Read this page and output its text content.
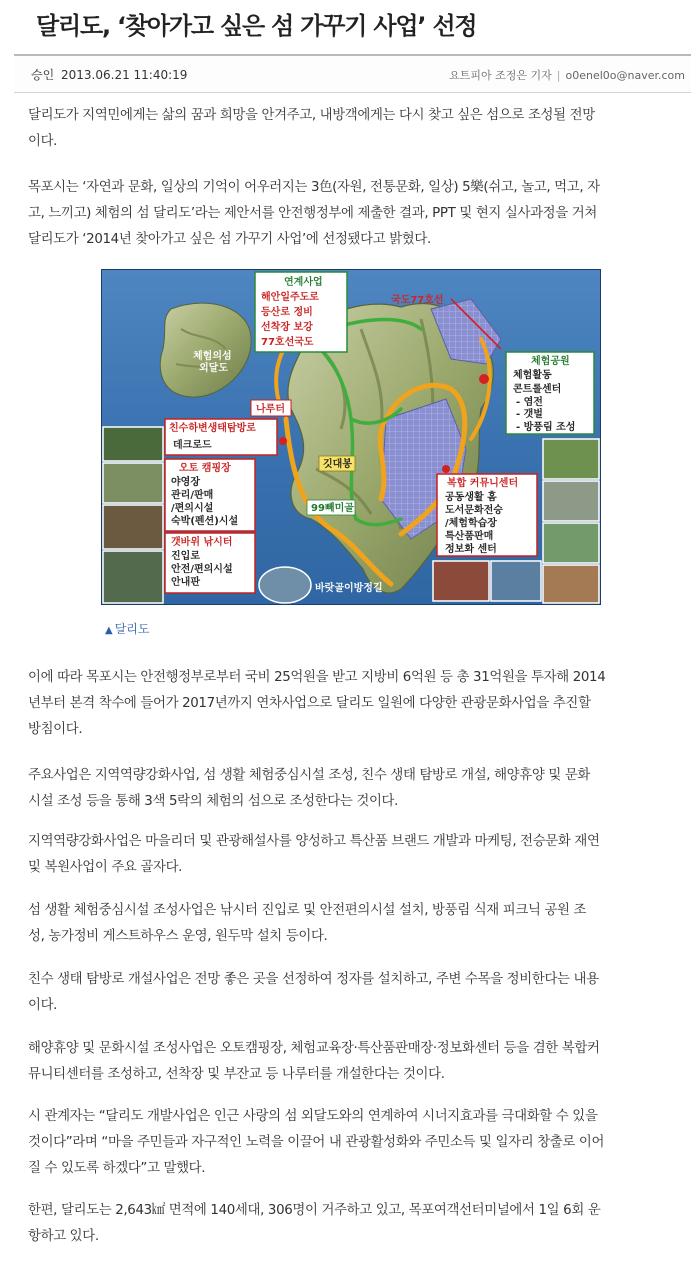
달리도, ‘찾아가고 싶은 섬 가꾸기 사업’ 선정
승인 2013.06.21 11:40:19	요트피아 조정은 기자 | o0enel0o@naver.com

달리도가 지역민에게는 삶의 꿈과 희망을 안겨주고, 내방객에게는 다시 찾고 싶은 섬으로 조성될 전망
이다.

목포시는 ‘자연과 문화, 일상의 기억이 어우러지는 3色(자원, 전통문화, 일상) 5樂(쉬고, 놀고, 먹고, 자
고, 느끼고) 체험의 섬 달리도’라는 제안서를 안전행정부에 제출한 결과, PPT 및 현지 실사과정을 거쳐
달리도가 ‘2014년 찾아가고 싶은 섬 가꾸기 사업’에 선정됐다고 밝혔다.

체험의섬
외달도
연계사업
해안일주도로
등산로 정비
선착장 보강
77호선국도
국도77호선
체험공원
체험활동
콘트롤센터
- 염전
- 갯벌
- 방풍림 조성
나루터
친수하변생태탐방로
데크로드
오토 캠핑장
야영장
관리/판매
/편의시설
숙박(펜션)시설
갯바위 낚시터
진입로
안전/편의시설
안내판
깃대봉
99빼미골
복합 커뮤니센터
공동생활 홈
도서문화전승
/체험학습장
특산품판매
정보화 센터
바랏골이방정길

▲ 달리도

이에 따라 목포시는 안전행정부로부터 국비 25억원을 받고 지방비 6억원 등 총 31억원을 투자해 2014
년부터 본격 착수에 들어가 2017년까지 연차사업으로 달리도 일원에 다양한 관광문화사업을 추진할
방침이다.

주요사업은 지역역량강화사업, 섬 생활 체험중심시설 조성, 친수 생태 탐방로 개설, 해양휴양 및 문화
시설 조성 등을 통해 3색 5락의 체험의 섬으로 조성한다는 것이다.

지역역량강화사업은 마을리더 및 관광해설사를 양성하고 특산품 브랜드 개발과 마케팅, 전승문화 재연
및 복원사업이 주요 골자다.

섬 생활 체험중심시설 조성사업은 낚시터 진입로 및 안전편의시설 설치, 방풍림 식재 피크닉 공원 조
성, 농가정비 게스트하우스 운영, 원두막 설치 등이다.

친수 생태 탐방로 개설사업은 전망 좋은 곳을 선정하여 정자를 설치하고, 주변 수목을 정비한다는 내용
이다.

해양휴양 및 문화시설 조성사업은 오토캠핑장, 체험교육장·특산품판매장·정보화센터 등을 겸한 복합커
뮤니티센터를 조성하고, 선착장 및 부잔교 등 나루터를 개설한다는 것이다.

시 관계자는 “달리도 개발사업은 인근 사랑의 섬 외달도와의 연계하여 시너지효과를 극대화할 수 있을
것이다”라며 “마을 주민들과 자구적인 노력을 이끌어 내 관광활성화와 주민소득 및 일자리 창출로 이어
질 수 있도록 하겠다”고 말했다.

한편, 달리도는 2,643㎢ 면적에 140세대, 306명이 거주하고 있고, 목포여객선터미널에서 1일 6회 운
항하고 있다.
